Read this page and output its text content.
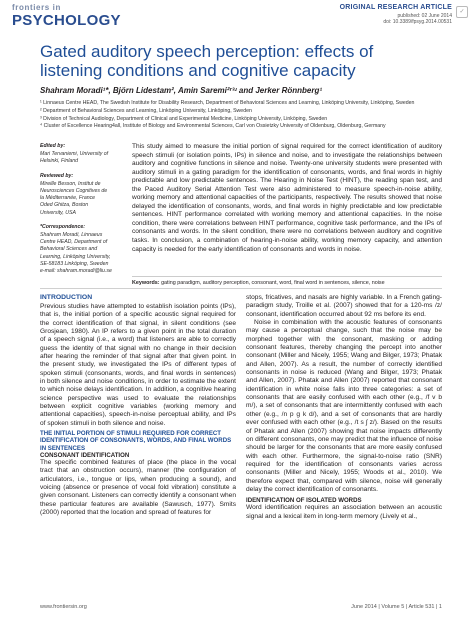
frontiers in
PSYCHOLOGY
ORIGINAL RESEARCH ARTICLE
published: 02 June 2014
doi: 10.3389/fpsyg.2014.00531
✓
Gated auditory speech perception: effects of listening conditions and cognitive capacity
Shahram Moradi¹*, Björn Lidestam², Amin Saremi²ʳ³ʴ and Jerker Rönnberg¹
¹ Linnaeus Centre HEAD, The Swedish Institute for Disability Research, Department of Behavioral Sciences and Learning, Linköping University, Linköping, Sweden
² Department of Behavioral Sciences and Learning, Linköping University, Linköping, Sweden
³ Division of Technical Audiology, Department of Clinical and Experimental Medicine, Linköping University, Linköping, Sweden
⁴ Cluster of Excellence Hearing4all, Institute of Biology and Environmental Sciences, Carl von Ossietzky University of Oldenburg, Oldenburg, Germany
Edited by:
Mari Tervaniemi, University of Helsinki, Finland
Reviewed by:
Mireille Besson, Institut de Neurosciences Cognitives de la Méditerranée, France
Oded Ghitza, Boston University, USA
*Correspondence:
Shahram Moradi, Linnaeus Centre HEAD, Department of Behavioral Sciences and Learning, Linköping University, SE-58183 Linköping, Sweden
e-mail: shahram.moradi@liu.se

This study aimed to measure the initial portion of signal required for the correct identification of auditory speech stimuli (or isolation points, IPs) in silence and noise, and to investigate the relationships between auditory and cognitive functions in silence and noise. Twenty-one university students were presented with auditory stimuli in a gating paradigm for the identification of consonants, words, and final words in highly predictable and low predictable sentences. The Hearing in Noise Test (HINT), the reading span test, and the Paced Auditory Serial Attention Test were also administered to measure speech-in-noise ability, working memory and attentional capacities of the participants, respectively. The results showed that noise delayed the identification of consonants, words, and final words in highly predictable and low predictable sentences. HINT performance correlated with working memory and attentional capacities. In the noise condition, there were correlations between HINT performance, cognitive task performance, and the IPs of consonants and words. In the silent condition, there were no correlations between auditory and cognitive tasks. In conclusion, a combination of hearing-in-noise ability, working memory capacity, and attention capacity is needed for the early identification of consonants and words in noise.

Keywords: gating paradigm, auditory perception, consonant, word, final word in sentences, silence, noise
INTRODUCTION

Previous studies have attempted to establish isolation points (IPs), that is, the initial portion of a specific acoustic signal required for the correct identification of that signal, in silent conditions (see Grosjean, 1980). An IP refers to a given point in the total duration of a speech signal (i.e., a word) that listeners are able to correctly guess the identity of that signal with no change in their decision after hearing the reminder of that signal after that given point. In the present study, we investigated the IPs of different types of spoken stimuli (consonants, words, and final words in sentences) in both silence and noise conditions, in order to estimate the extent to which noise delays identification. In addition, a cognitive hearing science perspective was used to evaluate the relationships between explicit cognitive variables (working memory and attentional capacities), speech-in-noise perceptual ability, and IPs of spoken stimuli in both silence and noise.

THE INITIAL PORTION OF STIMULI REQUIRED FOR CORRECT IDENTIFICATION OF CONSONANTS, WORDS, AND FINAL WORDS IN SENTENCES
CONSONANT IDENTIFICATION

The specific combined features of place (the place in the vocal tract that an obstruction occurs), manner (the configuration of articulators, i.e., tongue or lips, when producing a sound), and voicing (absence or presence of vocal fold vibration) constitute a given consonant. Listeners can correctly identify a consonant when these particular features are available (Sawusch, 1977). Smits (2000) reported that the location and spread of features for

stops, fricatives, and nasals are highly variable. In a French gating-paradigm study, Troille et al. (2007) showed that for a 120-ms /z/ consonant, identification occurred about 92 ms before its end.

Noise in combination with the acoustic features of consonants may cause a perceptual change, such that the noise may be morphed together with the consonant, masking or adding consonant features, thereby changing the percept into another consonant (Miller and Nicely, 1955; Wang and Bilger, 1973; Phatak and Allen, 2007). As a result, the number of correctly identified consonants in noise is reduced (Wang and Bilger, 1973; Phatak and Allen, 2007). Phatak and Allen (2007) reported that consonant identification in white noise falls into three categories: a set of consonants that are easily confused with each other (e.g., /f v b m/), a set of consonants that are intermittently confused with each other (e.g., /n p g k d/), and a set of consonants that are hardly ever confused with each other (e.g., /t s ʃ z/). Based on the results of Phatak and Allen (2007) showing that noise impacts differently on different consonants, one may predict that the influence of noise should be larger for the consonants that are more easily confused with each other. Furthermore, the signal-to-noise ratio (SNR) required for the identification of consonants varies across consonants (Miller and Nicely, 1955; Woods et al., 2010). We therefore expect that, compared with silence, noise will generally delay the correct identification of consonants.

IDENTIFICATION OF ISOLATED WORDS

Word identification requires an association between an acoustic signal and a lexical item in long-term memory (Lively et al.,

www.frontiersin.org	June 2014 | Volume 5 | Article 531 | 1
